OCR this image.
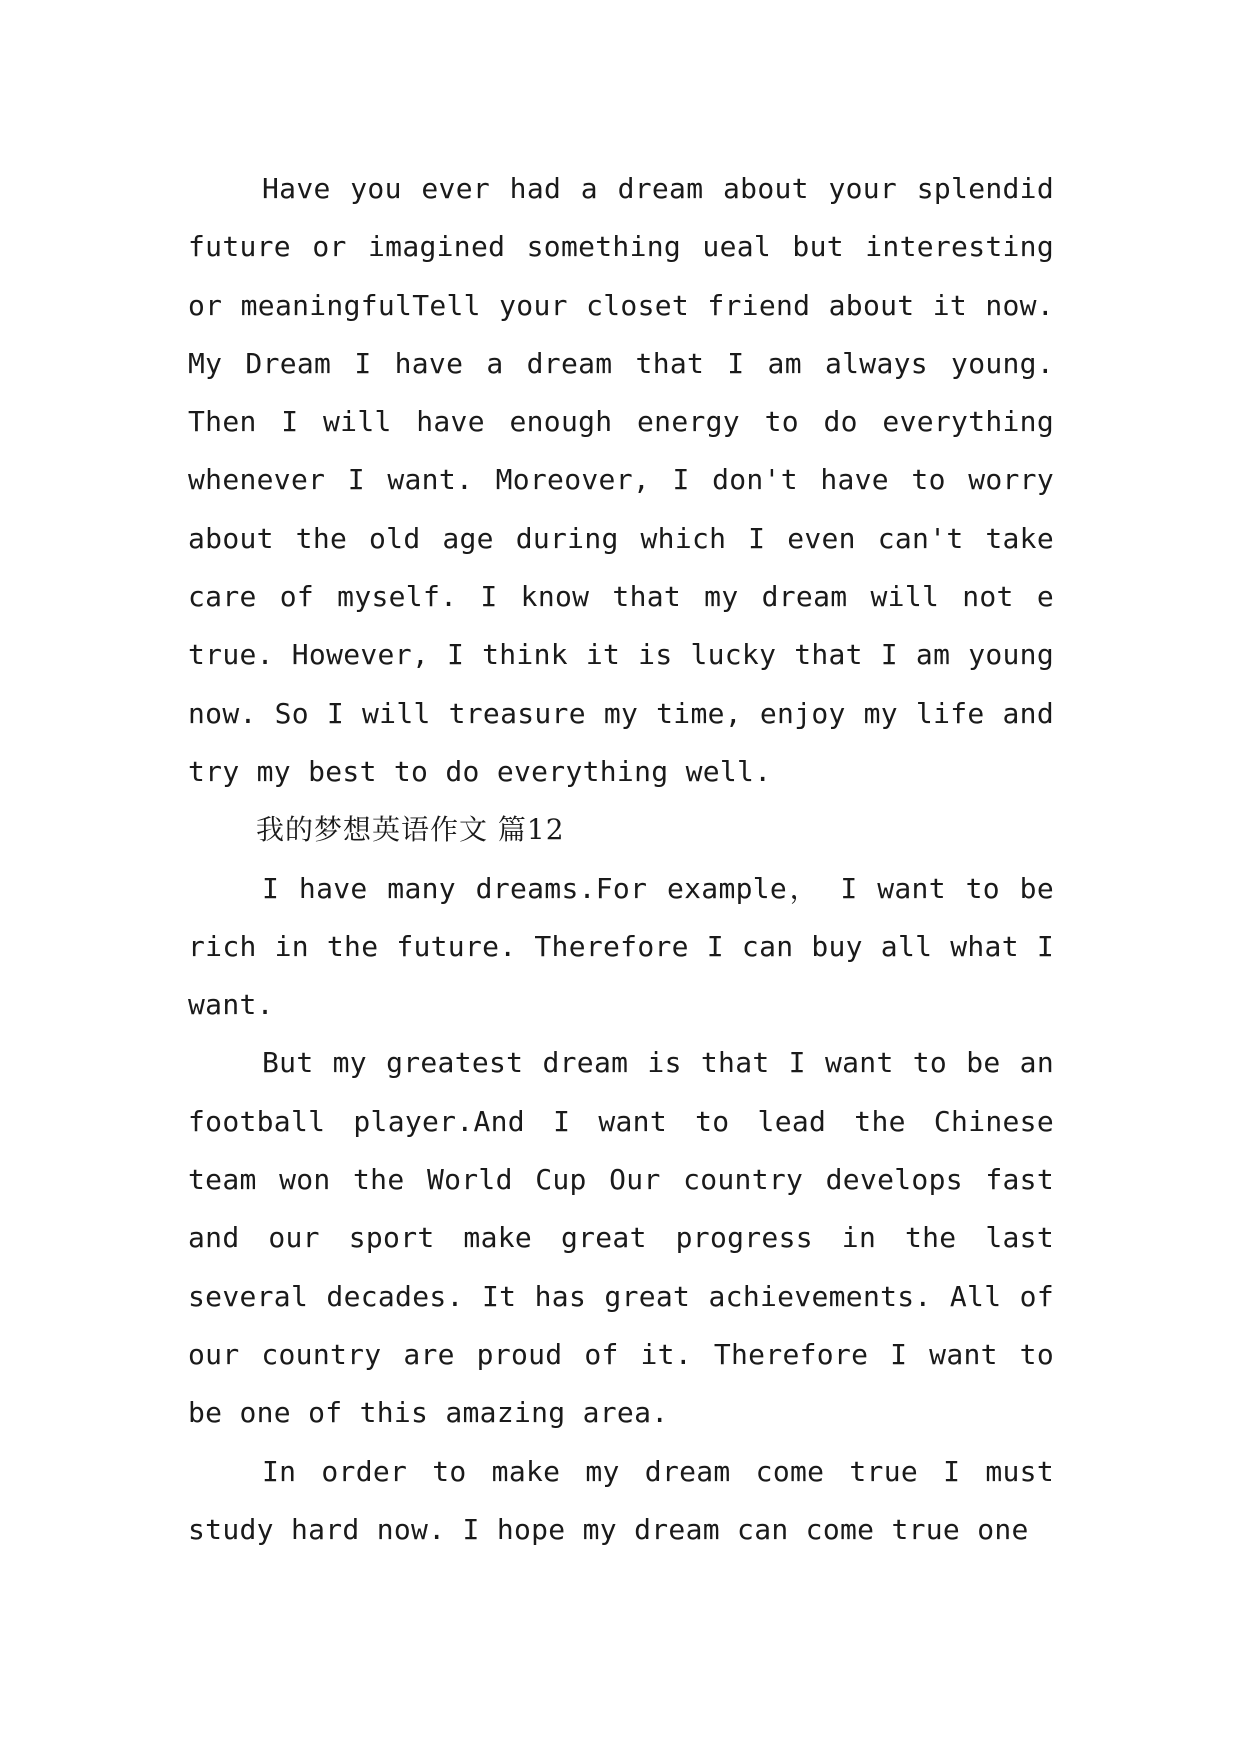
Have you ever had a dream about your splendid future or imagined something ueal but interesting or meaningfulTell your closet friend about it now. My Dream I have a dream that I am always young. Then I will have enough energy to do everything whenever I want. Moreover, I don't have to worry about the old age during which I even can't take care of myself. I know that my dream will not e true. However, I think it is lucky that I am young now. So I will treasure my time, enjoy my life and try my best to do everything well.

我的梦想英语作文 篇12

I have many dreams.For example， I want to be rich in the future. Therefore I can buy all what I want.

But my greatest dream is that I want to be an football player.And I want to lead the Chinese team won the World Cup Our country develops fast and our sport make great progress in the last several decades. It has great achievements. All of our country are proud of it. Therefore I want to be one of this amazing area.

In order to make my dream come true I must study hard now. I hope my dream can come true one
